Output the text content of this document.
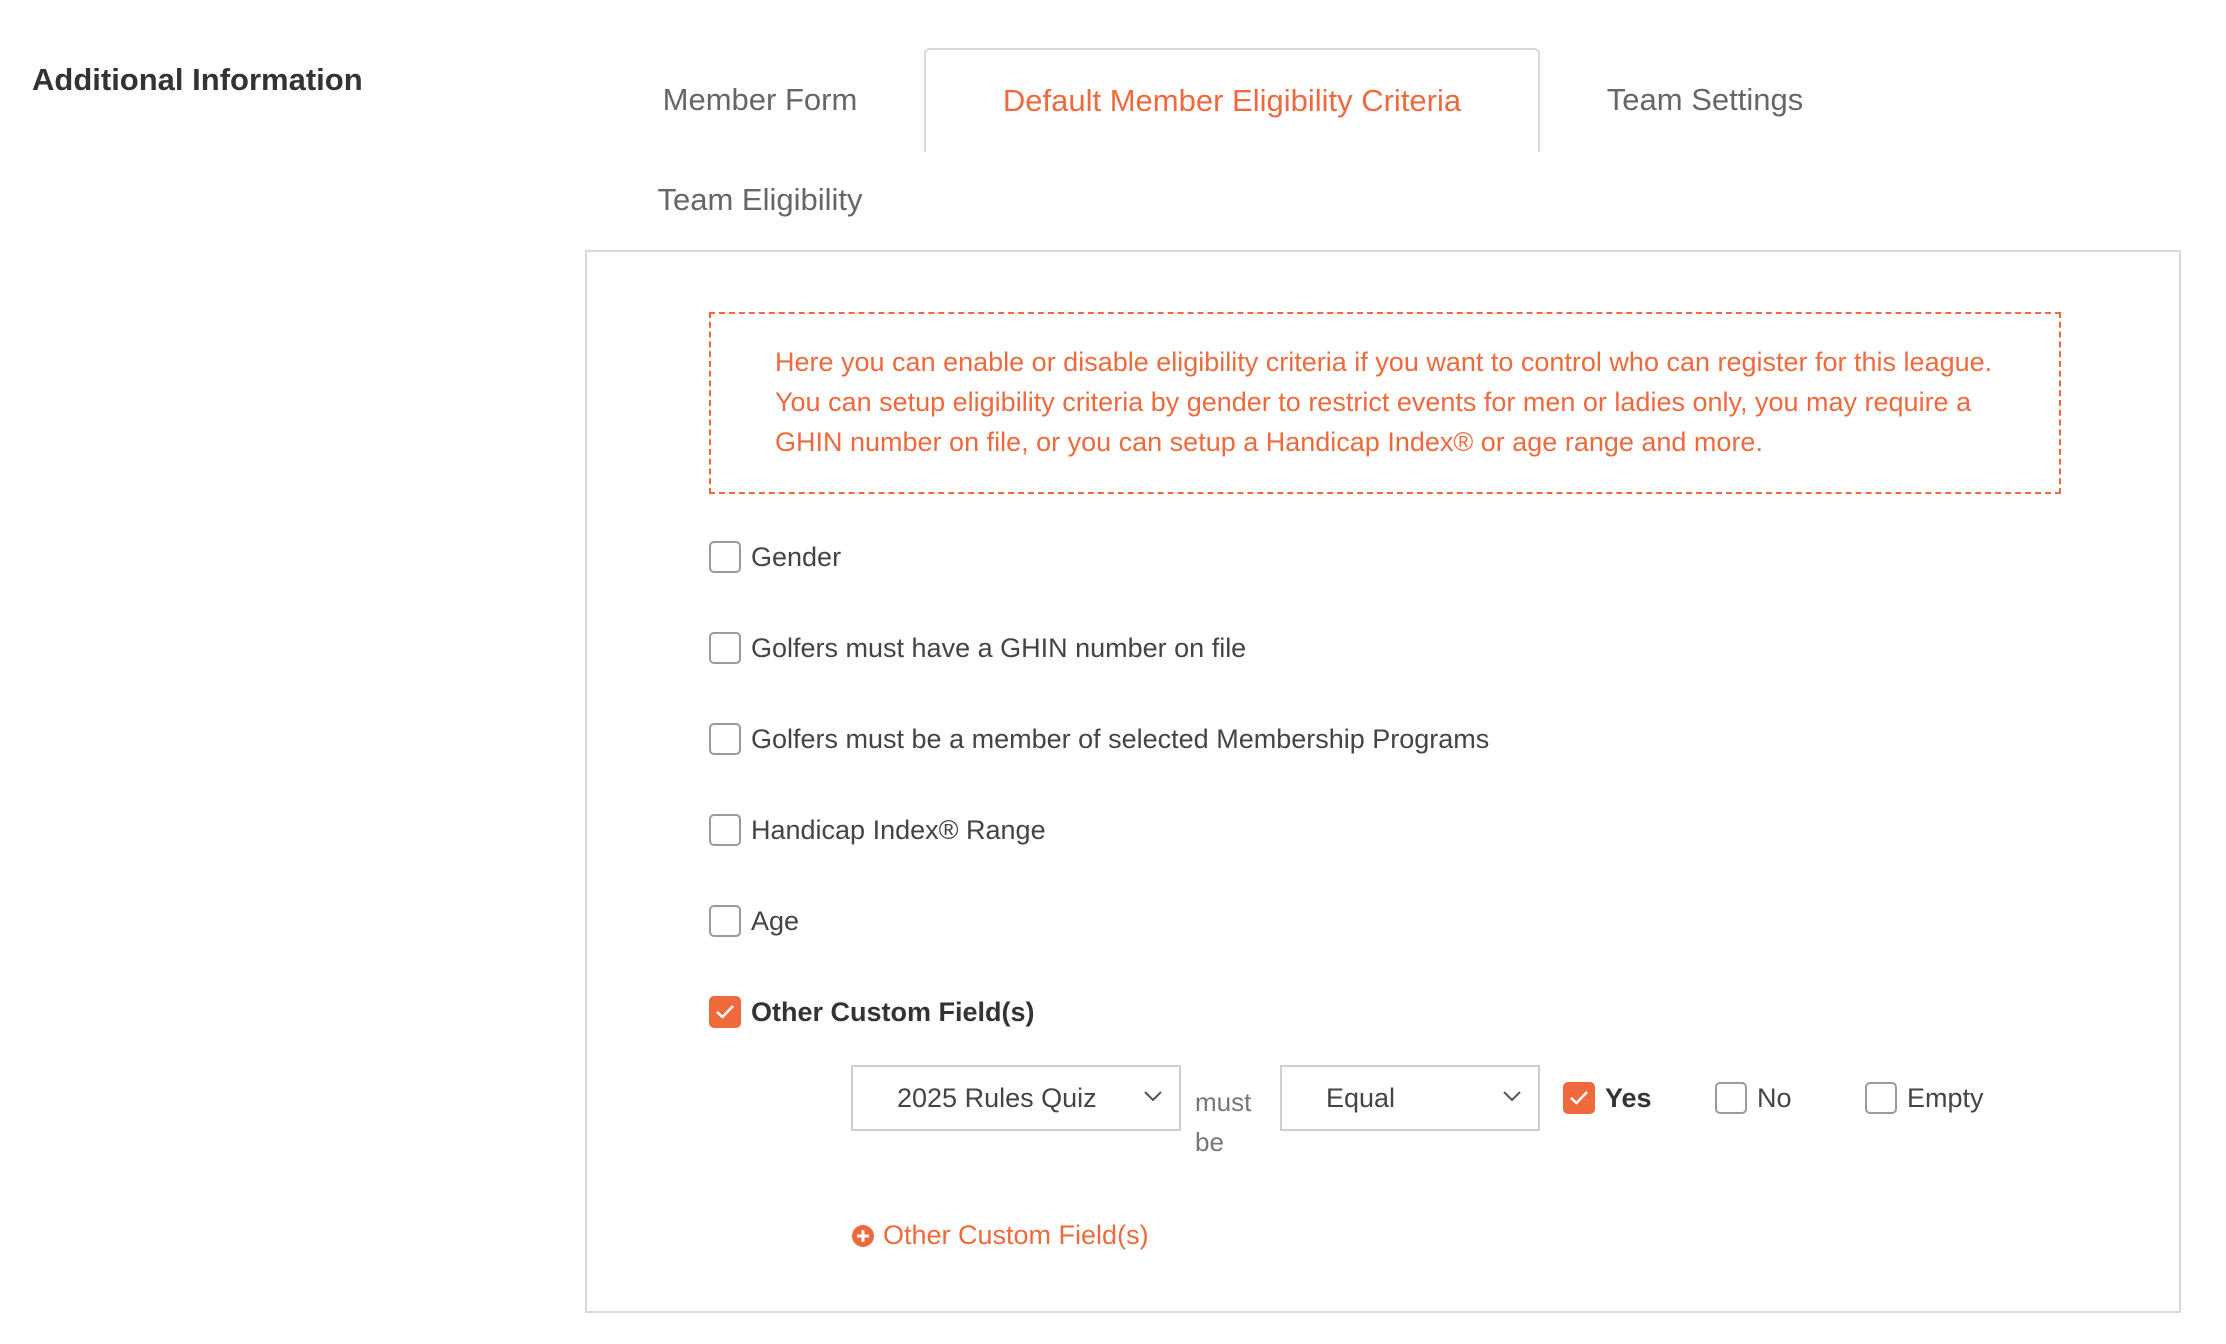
Additional Information
Member Form	Default Member Eligibility Criteria	Team Settings
Team Eligibility
Here you can enable or disable eligibility criteria if you want to control who can register for this league. You can setup eligibility criteria by gender to restrict events for men or ladies only, you may require a GHIN number on file, or you can setup a Handicap Index® or age range and more.
Gender
Golfers must have a GHIN number on file
Golfers must be a member of selected Membership Programs
Handicap Index® Range
Age
Other Custom Field(s)
2025 Rules Quiz	must be
Equal	Yes	No	Empty
Other Custom Field(s)
